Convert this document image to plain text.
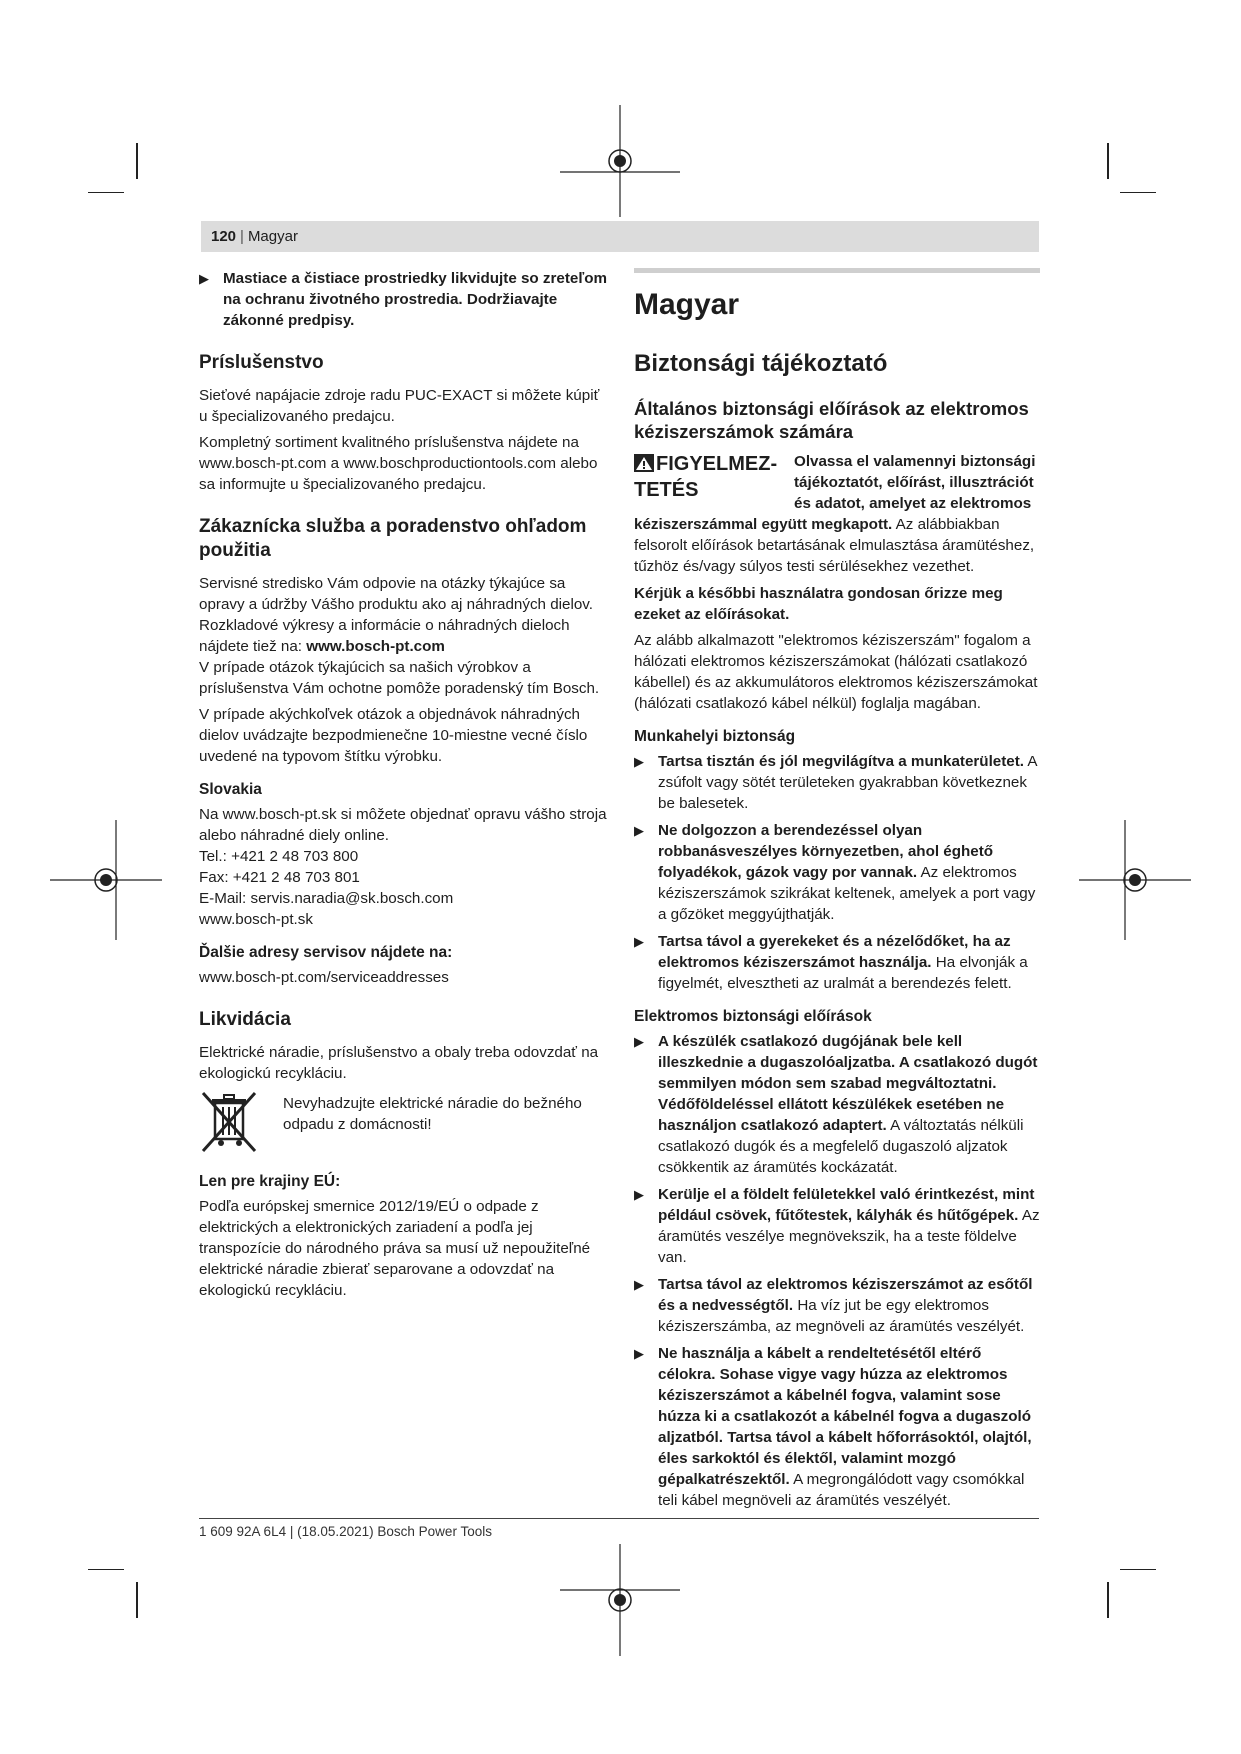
120 | Magyar
▶ Mastiace a čistiace prostriedky likvidujte so zreteľom na ochranu životného prostredia. Dodržiavajte zákonné predpisy.
Príslušenstvo

Sieťové napájacie zdroje radu PUC-EXACT si môžete kúpiť u špecializovaného predajcu.

Kompletný sortiment kvalitného príslušenstva nájdete na www.bosch-pt.com a www.boschproductiontools.com alebo sa informujte u špecializovaného predajcu.

Zákaznícka služba a poradenstvo ohľadom použitia

Servisné stredisko Vám odpovie na otázky týkajúce sa opravy a údržby Vášho produktu ako aj náhradných dielov. Rozkladové výkresy a informácie o náhradných dieloch nájdete tiež na: www.bosch-pt.com

V prípade otázok týkajúcich sa našich výrobkov a príslušenstva Vám ochotne pomôže poradenský tím Bosch.

V prípade akýchkoľvek otázok a objednávok náhradných dielov uvádzajte bezpodmienečne 10-miestne vecné číslo uvedené na typovom štítku výrobku.

Slovakia
Na www.bosch-pt.sk si môžete objednať opravu vášho stroja alebo náhradné diely online.
Tel.: +421 2 48 703 800
Fax: +421 2 48 703 801
E-Mail: servis.naradia@sk.bosch.com
www.bosch-pt.sk
Ďalšie adresy servisov nájdete na:
www.bosch-pt.com/serviceaddresses
Likvidácia

Elektrické náradie, príslušenstvo a obaly treba odovzdať na ekologickú recykláciu.

Nevyhadzujte elektrické náradie do bežného odpadu z domácnosti!
Len pre krajiny EÚ:

Podľa európskej smernice 2012/19/EÚ o odpade z elektrických a elektronických zariadení a podľa jej transpozície do národného práva sa musí už nepoužiteľné elektrické náradie zbierať separovane a odovzdať na ekologickú recykláciu.

Magyar
Biztonsági tájékoztató
Általános biztonsági előírások az elektromos kéziszerszámok számára
FIGYELMEZ-
TETÉS
Olvassa el valamennyi biztonsági tájékoztatót, előírást, illusztrációt és adatot, amelyet az elektromos kéziszerszámmal együtt megkapott. Az alábbiakban felsorolt előírások betartásának elmulasztása áramütéshez, tűzhöz és/vagy súlyos testi sérülésekhez vezethet.

Kérjük a későbbi használatra gondosan őrizze meg ezeket az előírásokat.

Az alább alkalmazott "elektromos kéziszerszám" fogalom a hálózati elektromos kéziszerszámokat (hálózati csatlakozó kábellel) és az akkumulátoros elektromos kéziszerszámokat (hálózati csatlakozó kábel nélkül) foglalja magában.

Munkahelyi biztonság
▶ Tartsa tisztán és jól megvilágítva a munkaterületet. A zsúfolt vagy sötét területeken gyakrabban következnek be balesetek.
▶ Ne dolgozzon a berendezéssel olyan robbanásveszélyes környezetben, ahol éghető folyadékok, gázok vagy por vannak. Az elektromos kéziszerszámok szikrákat keltenek, amelyek a port vagy a gőzöket meggyújthatják.
▶ Tartsa távol a gyerekeket és a nézelődőket, ha az elektromos kéziszerszámot használja. Ha elvonják a figyelmét, elvesztheti az uralmát a berendezés felett.
Elektromos biztonsági előírások
▶ A készülék csatlakozó dugójának bele kell illeszkednie a dugaszolóaljzatba. A csatlakozó dugót semmilyen módon sem szabad megváltoztatni. Védőföldeléssel ellátott készülékek esetében ne használjon csatlakozó adaptert. A változtatás nélküli csatlakozó dugók és a megfelelő dugaszoló aljzatok csökkentik az áramütés kockázatát.
▶ Kerülje el a földelt felületekkel való érintkezést, mint például csövek, fűtőtestek, kályhák és hűtőgépek. Az áramütés veszélye megnövekszik, ha a teste földelve van.
▶ Tartsa távol az elektromos kéziszerszámot az esőtől és a nedvességtől. Ha víz jut be egy elektromos kéziszerszámba, az megnöveli az áramütés veszélyét.
▶ Ne használja a kábelt a rendeltetésétől eltérő célokra. Sohase vigye vagy húzza az elektromos kéziszerszámot a kábelnél fogva, valamint sose húzza ki a csatlakozót a kábelnél fogva a dugaszoló aljzatból. Tartsa távol a kábelt hőforrásoktól, olajtól, éles sarkoktól és élektől, valamint mozgó gépalkatrészektől. A megrongálódott vagy csomókkal teli kábel megnöveli az áramütés veszélyét.
1 609 92A 6L4 | (18.05.2021) Bosch Power Tools
